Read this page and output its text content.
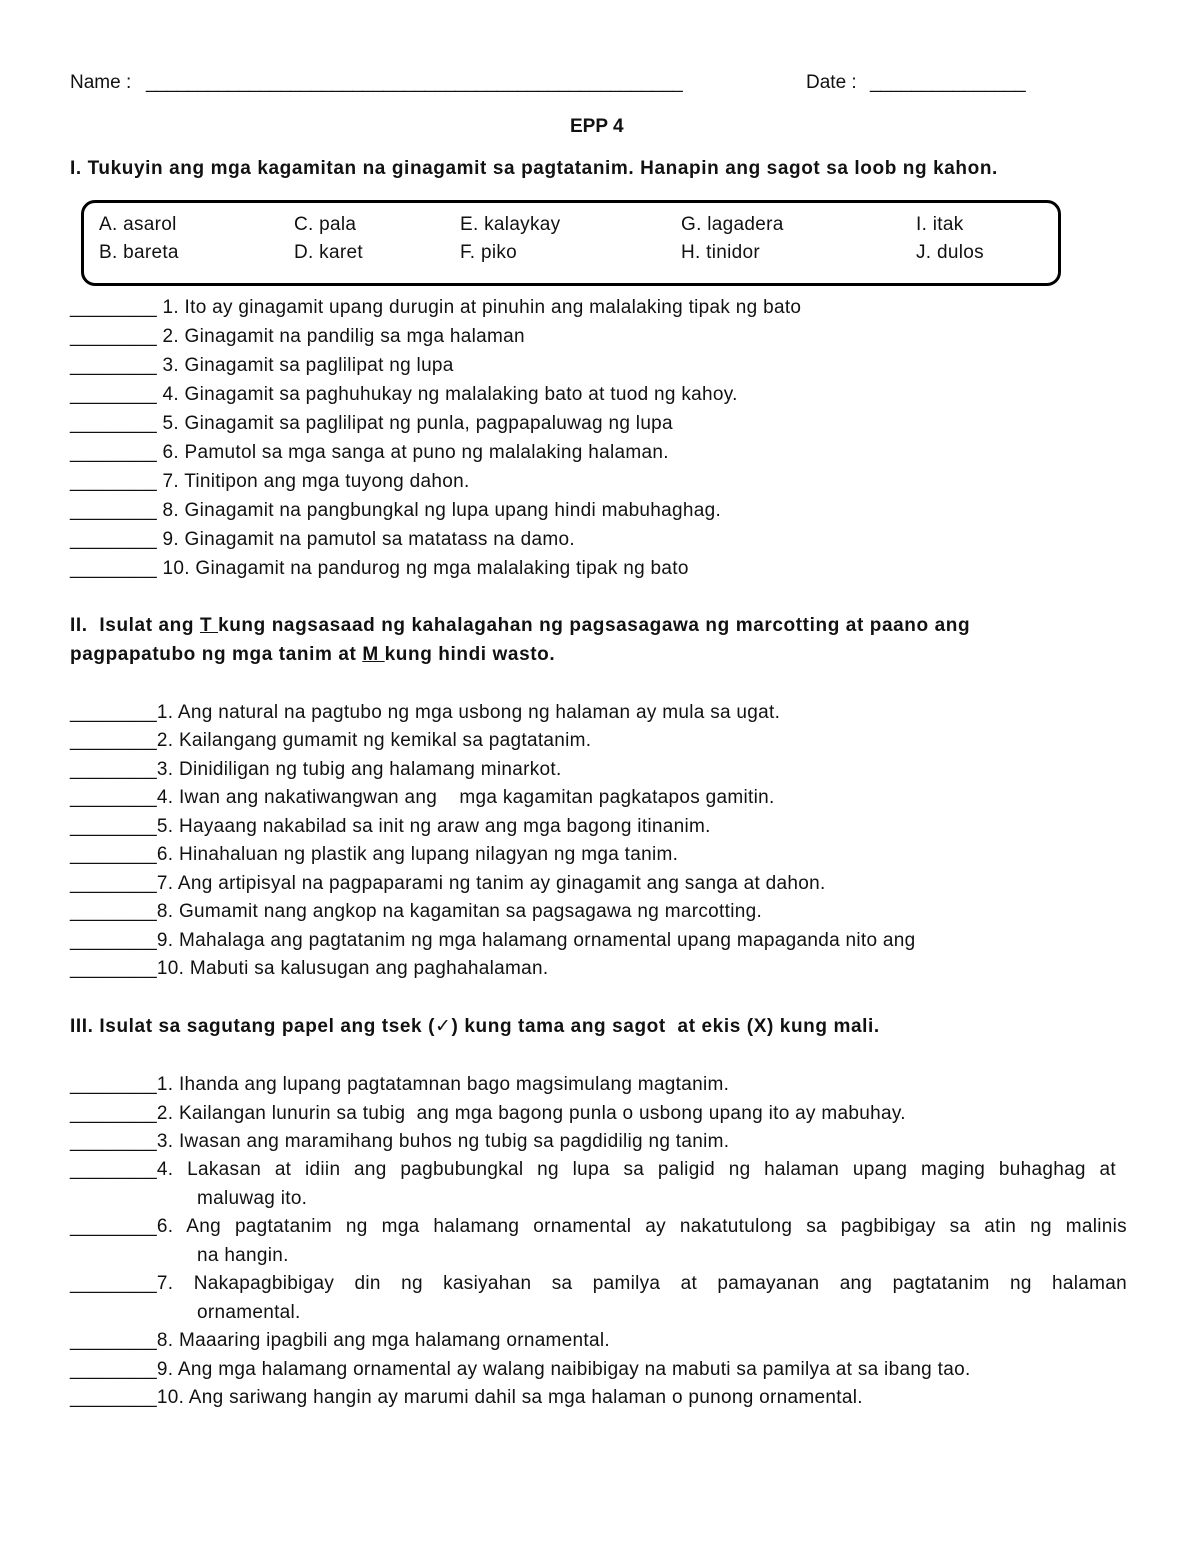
Name : ____________________________________________________	Date : _______________
EPP 4
I. Tukuyin ang mga kagamitan na ginagamit sa pagtatanim. Hanapin ang sagot sa loob ng kahon.
A. asarol
B. bareta
C. pala
D. karet
E. kalaykay
F. piko
G. lagadera
H. tinidor
I. itak
J. dulos
________ 1. Ito ay ginagamit upang durugin at pinuhin ang malalaking tipak ng bato
________ 2. Ginagamit na pandilig sa mga halaman
________ 3. Ginagamit sa paglilipat ng lupa
________ 4. Ginagamit sa paghuhukay ng malalaking bato at tuod ng kahoy.
________ 5. Ginagamit sa paglilipat ng punla, pagpapaluwag ng lupa
________ 6. Pamutol sa mga sanga at puno ng malalaking halaman.
________ 7. Tinitipon ang mga tuyong dahon.
________ 8. Ginagamit na pangbungkal ng lupa upang hindi mabuhaghag.
________ 9. Ginagamit na pamutol sa matatass na damo.
________ 10. Ginagamit na pandurog ng mga malalaking tipak ng bato
II.  Isulat ang T kung nagsasaad ng kahalagahan ng pagsasagawa ng marcotting at paano ang
pagpapatubo ng mga tanim at M kung hindi wasto.
________1. Ang natural na pagtubo ng mga usbong ng halaman ay mula sa ugat.
________2. Kailangang gumamit ng kemikal sa pagtatanim.
________3. Dinidiligan ng tubig ang halamang minarkot.
________4. Iwan ang nakatiwangwan ang    mga kagamitan pagkatapos gamitin.
________5. Hayaang nakabilad sa init ng araw ang mga bagong itinanim.
________6. Hinahaluan ng plastik ang lupang nilagyan ng mga tanim.
________7. Ang artipisyal na pagpaparami ng tanim ay ginagamit ang sanga at dahon.
________8. Gumamit nang angkop na kagamitan sa pagsagawa ng marcotting.
________9. Mahalaga ang pagtatanim ng mga halamang ornamental upang mapaganda nito ang
________10. Mabuti sa kalusugan ang paghahalaman.
III. Isulat sa sagutang papel ang tsek (✓) kung tama ang sagot  at ekis (X) kung mali.
________1. Ihanda ang lupang pagtatamnan bago magsimulang magtanim.
________2. Kailangan lunurin sa tubig  ang mga bagong punla o usbong upang ito ay mabuhay.
________3. Iwasan ang maramihang buhos ng tubig sa pagdidilig ng tanim.
________4. Lakasan at idiin ang pagbubungkal ng lupa sa paligid ng halaman upang maging buhaghag at
maluwag ito.
________6. Ang pagtatanim ng mga halamang ornamental ay nakatutulong sa pagbibigay sa atin ng malinis
na hangin.
________7. Nakapagbibigay din ng kasiyahan sa pamilya at pamayanan ang pagtatanim ng halaman
ornamental.
________8. Maaaring ipagbili ang mga halamang ornamental.
________9. Ang mga halamang ornamental ay walang naibibigay na mabuti sa pamilya at sa ibang tao.
________10. Ang sariwang hangin ay marumi dahil sa mga halaman o punong ornamental.
